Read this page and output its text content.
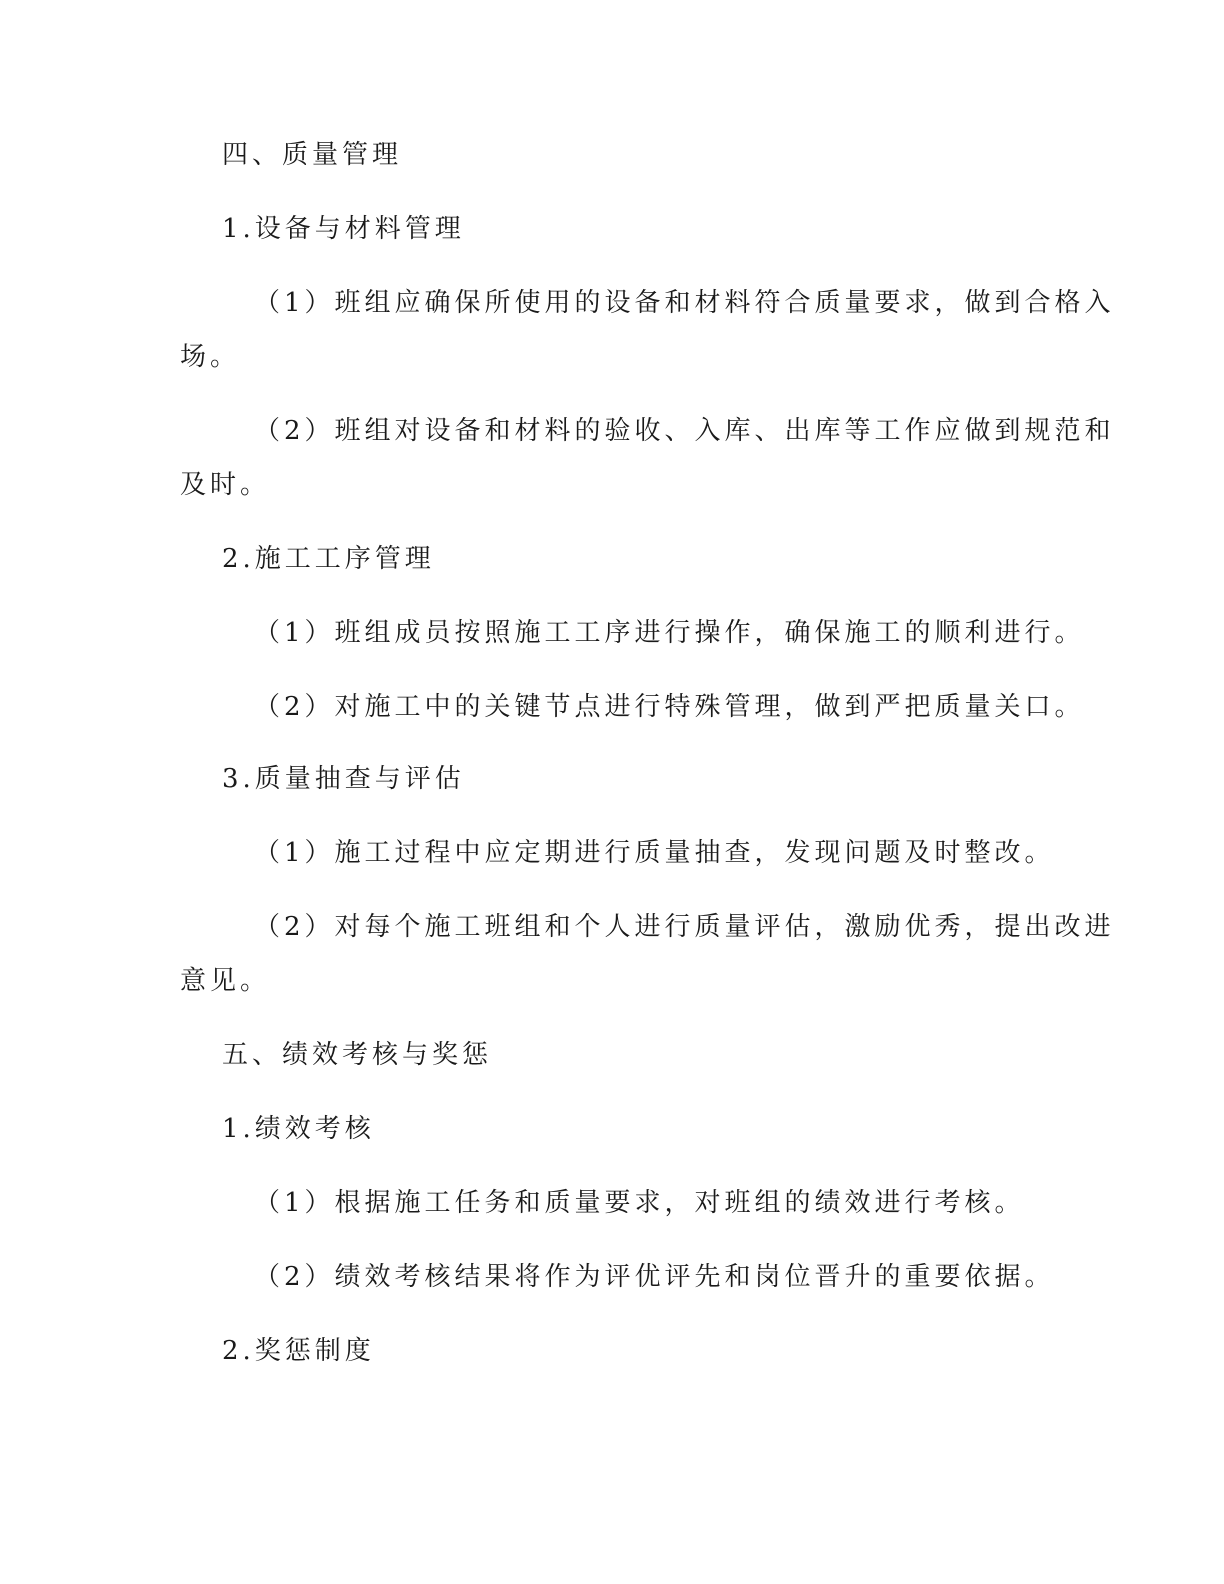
四、质量管理

1.设备与材料管理

（1）班组应确保所使用的设备和材料符合质量要求，做到合格入

场。

（2）班组对设备和材料的验收、入库、出库等工作应做到规范和

及时。

2.施工工序管理

（1）班组成员按照施工工序进行操作，确保施工的顺利进行。

（2）对施工中的关键节点进行特殊管理，做到严把质量关口。

3.质量抽查与评估

（1）施工过程中应定期进行质量抽查，发现问题及时整改。

（2）对每个施工班组和个人进行质量评估，激励优秀，提出改进

意见。

五、绩效考核与奖惩

1.绩效考核

（1）根据施工任务和质量要求，对班组的绩效进行考核。

（2）绩效考核结果将作为评优评先和岗位晋升的重要依据。

2.奖惩制度
